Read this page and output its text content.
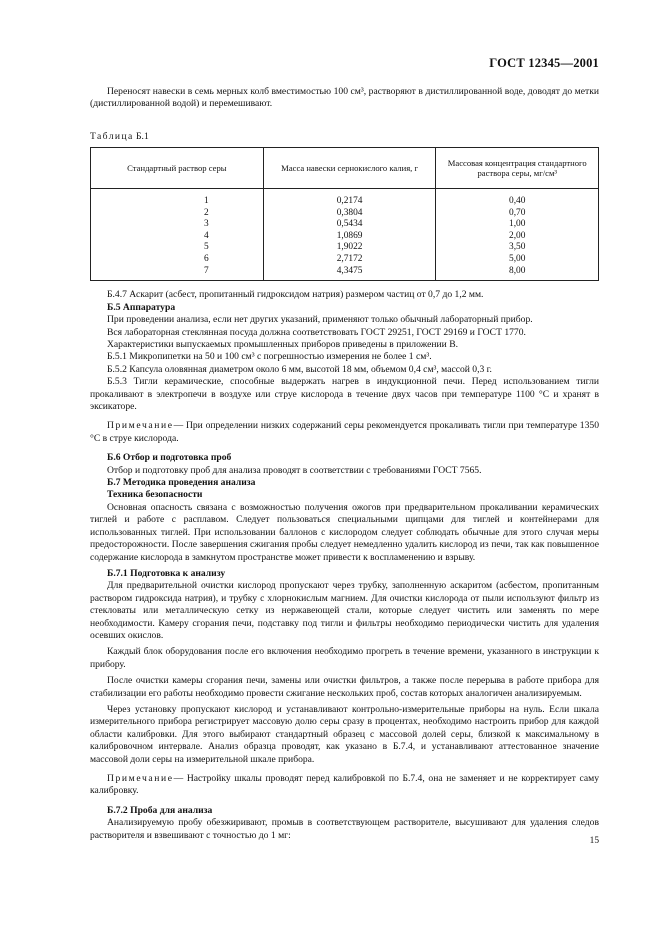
ГОСТ 12345—2001

Переносят навески в семь мерных колб вместимостью 100 см³, растворяют в дистиллированной воде, доводят до метки (дистиллированной водой) и перемешивают.

Таблица Б.1

Стандартный раствор серы	Масса навески сернокислого калия, г	Массовая концентрация стандартного раствора серы, мг/см³
1	0,2174	0,40
2	0,3804	0,70
3	0,5434	1,00
4	1,0869	2,00
5	1,9022	3,50
6	2,7172	5,00
7	4,3475	8,00

Б.4.7 Аскарит (асбест, пропитанный гидроксидом натрия) размером частиц от 0,7 до 1,2 мм.

Б.5 Аппаратура

При проведении анализа, если нет других указаний, применяют только обычный лабораторный прибор.

Вся лабораторная стеклянная посуда должна соответствовать ГОСТ 29251, ГОСТ 29169 и ГОСТ 1770.

Характеристики выпускаемых промышленных приборов приведены в приложении В.

Б.5.1 Микропипетки на 50 и 100 см³ с погрешностью измерения не более 1 см³.

Б.5.2 Капсула оловянная диаметром около 6 мм, высотой 18 мм, объемом 0,4 см³, массой 0,3 г.

Б.5.3 Тигли керамические, способные выдержать нагрев в индукционной печи. Перед использованием тигли прокаливают в электропечи в воздухе или струе кислорода в течение двух часов при температуре 1100 °С и хранят в эксикаторе.

Примечание— При определении низких содержаний серы рекомендуется прокаливать тигли при температуре 1350 °С в струе кислорода.

Б.6 Отбор и подготовка проб

Отбор и подготовку проб для анализа проводят в соответствии с требованиями ГОСТ 7565.

Б.7 Методика проведения анализа

Техника безопасности

Основная опасность связана с возможностью получения ожогов при предварительном прокаливании керамических тиглей и работе с расплавом. Следует пользоваться специальными щипцами для тиглей и контейнерами для использованных тиглей. При использовании баллонов с кислородом следует соблюдать обычные для этого случая меры предосторожности. После завершения сжигания пробы следует немедленно удалить кислород из печи, так как повышенное содержание кислорода в замкнутом пространстве может привести к воспламенению и взрыву.

Б.7.1 Подготовка к анализу

Для предварительной очистки кислород пропускают через трубку, заполненную аскаритом (асбестом, пропитанным раствором гидроксида натрия), и трубку с хлорнокислым магнием. Для очистки кислорода от пыли используют фильтр из стекловаты или металлическую сетку из нержавеющей стали, которые следует чистить или заменять по мере необходимости. Камеру сгорания печи, подставку под тигли и фильтры необходимо периодически чистить для удаления осевших окислов.

Каждый блок оборудования после его включения необходимо прогреть в течение времени, указанного в инструкции к прибору.

После очистки камеры сгорания печи, замены или очистки фильтров, а также после перерыва в работе прибора для стабилизации его работы необходимо провести сжигание нескольких проб, состав которых аналогичен анализируемым.

Через установку пропускают кислород и устанавливают контрольно-измерительные приборы на нуль. Если шкала измерительного прибора регистрирует массовую долю серы сразу в процентах, необходимо настроить прибор для каждой области калибровки. Для этого выбирают стандартный образец с массовой долей серы, близкой к максимальному в калибровочном интервале. Анализ образца проводят, как указано в Б.7.4, и устанавливают аттестованное значение массовой доли серы на измерительной шкале прибора.

Примечание— Настройку шкалы проводят перед калибровкой по Б.7.4, она не заменяет и не корректирует саму калибровку.

Б.7.2 Проба для анализа

Анализируемую пробу обезжиривают, промыв в соответствующем растворителе, высушивают для удаления следов растворителя и взвешивают с точностью до 1 мг:

15
